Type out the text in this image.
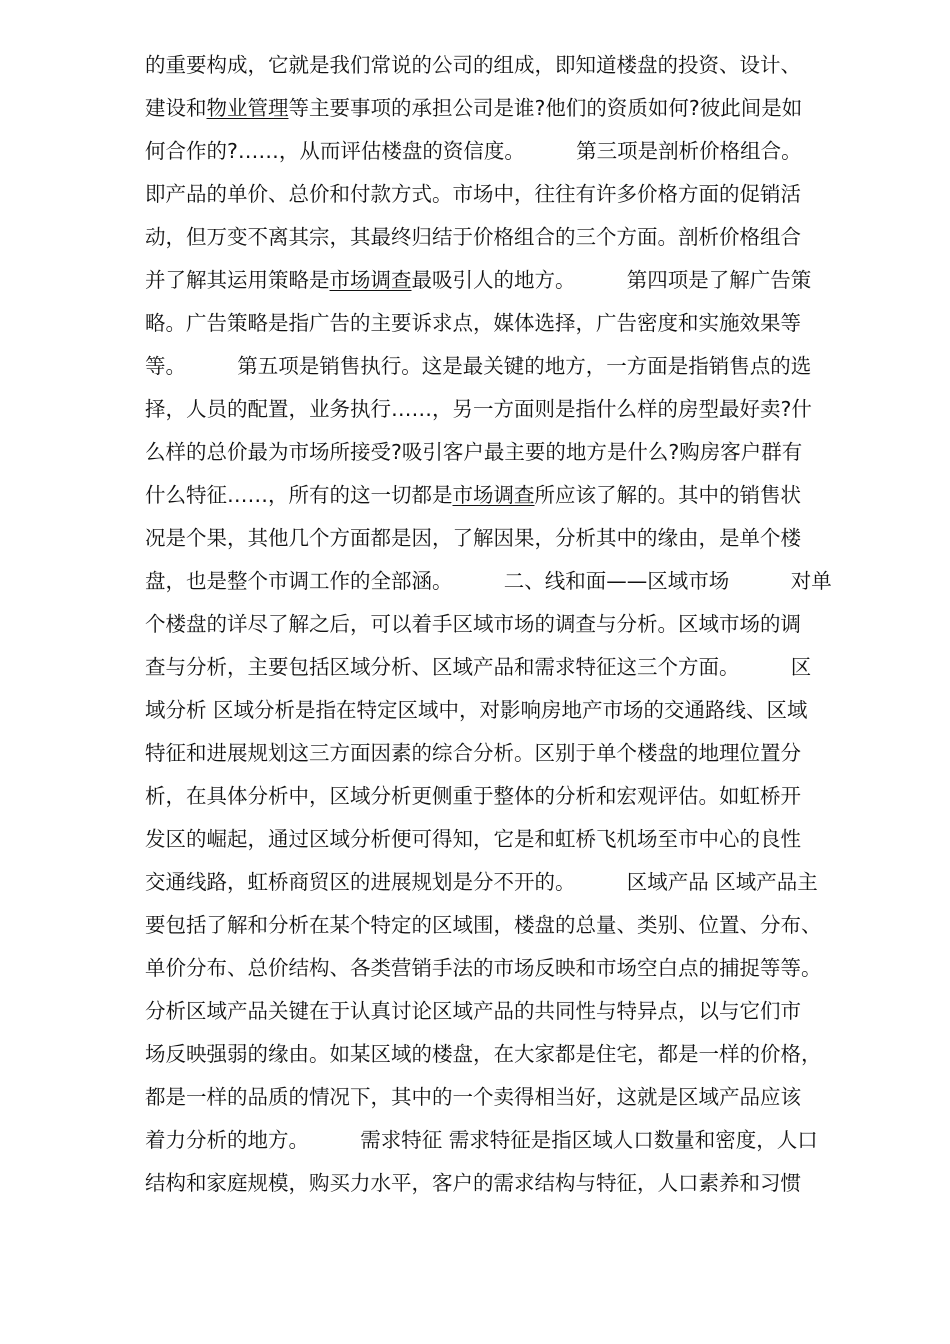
的重要构成，它就是我们常说的公司的组成，即知道楼盘的投资、设计、
建设和物业管理等主要事项的承担公司是谁?他们的资质如何?彼此间是如
何合作的?……，从而评估楼盘的资信度。　　　第三项是剖析价格组合。
即产品的单价、总价和付款方式。市场中，往往有许多价格方面的促销活
动，但万变不离其宗，其最终归结于价格组合的三个方面。剖析价格组合
并了解其运用策略是市场调查最吸引人的地方。　　　第四项是了解广告策
略。广告策略是指广告的主要诉求点，媒体选择，广告密度和实施效果等
等。　　　第五项是销售执行。这是最关键的地方，一方面是指销售点的选
择，人员的配置，业务执行……，另一方面则是指什么样的房型最好卖?什
么样的总价最为市场所接受?吸引客户最主要的地方是什么?购房客户群有
什么特征……，所有的这一切都是市场调查所应该了解的。其中的销售状
况是个果，其他几个方面都是因，了解因果，分析其中的缘由，是单个楼
盘，也是整个市调工作的全部涵。　　　二、线和面——区域市场　　　对单
个楼盘的详尽了解之后，可以着手区域市场的调查与分析。区域市场的调
查与分析，主要包括区域分析、区域产品和需求特征这三个方面。　　　区
域分析 区域分析是指在特定区域中，对影响房地产市场的交通路线、区域
特征和进展规划这三方面因素的综合分析。区别于单个楼盘的地理位置分
析，在具体分析中，区域分析更侧重于整体的分析和宏观评估。如虹桥开
发区的崛起，通过区域分析便可得知，它是和虹桥飞机场至市中心的良性
交通线路，虹桥商贸区的进展规划是分不开的。　　　区域产品 区域产品主
要包括了解和分析在某个特定的区域围，楼盘的总量、类别、位置、分布、
单价分布、总价结构、各类营销手法的市场反映和市场空白点的捕捉等等。
分析区域产品关键在于认真讨论区域产品的共同性与特异点，以与它们市
场反映强弱的缘由。如某区域的楼盘，在大家都是住宅，都是一样的价格，
都是一样的品质的情况下，其中的一个卖得相当好，这就是区域产品应该
着力分析的地方。　　　需求特征 需求特征是指区域人口数量和密度，人口
结构和家庭规模，购买力水平，客户的需求结构与特征，人口素养和习惯
